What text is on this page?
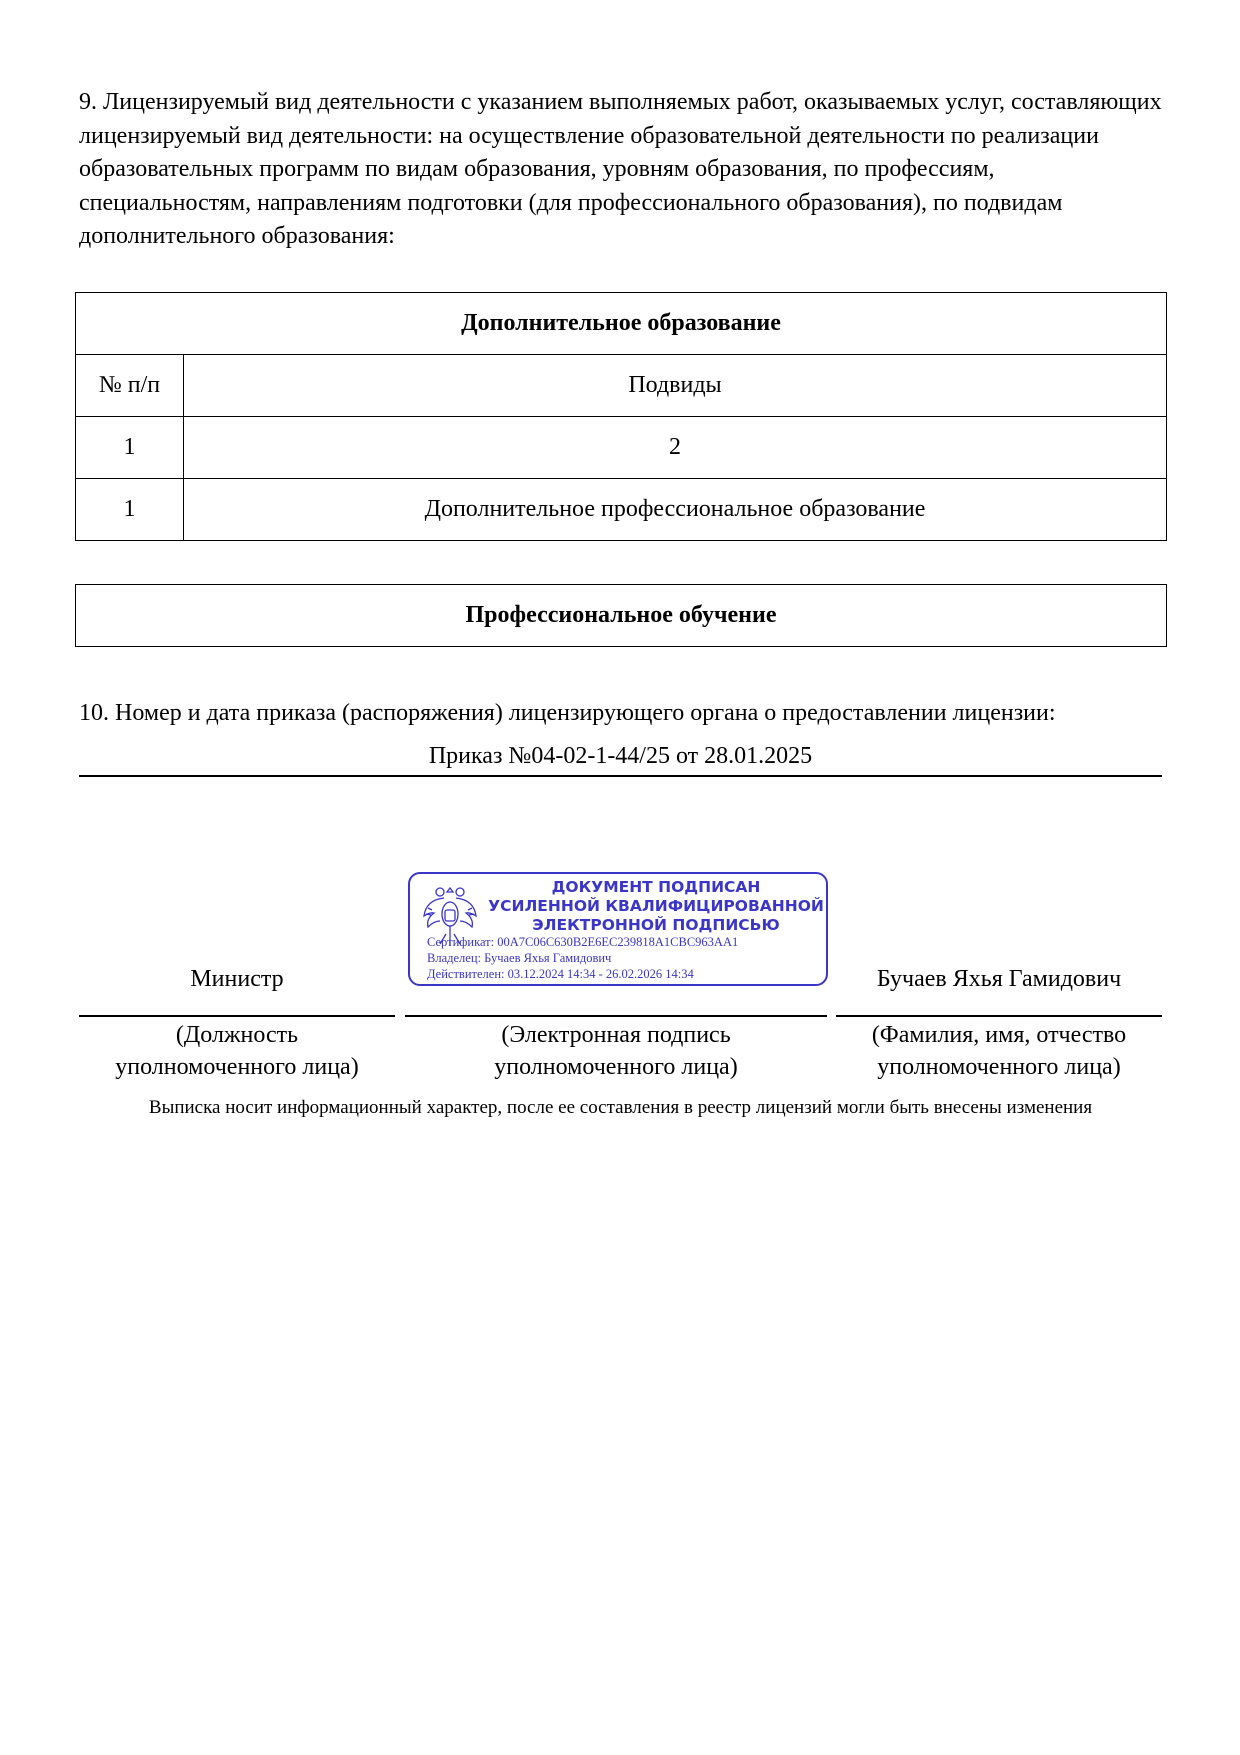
9. Лицензируемый вид деятельности с указанием выполняемых работ, оказываемых услуг, составляющих лицензируемый вид деятельности: на осуществление образовательной деятельности по реализации образовательных программ по видам образования, уровням образования, по профессиям, специальностям, направлениям подготовки (для профессионального образования), по подвидам дополнительного образования:
Дополнительное образование	
№ п/п	Подвиды
1	2
1	Дополнительное профессиональное образование
Профессиональное обучение
10. Номер и дата приказа (распоряжения) лицензирующего органа о предоставлении лицензии:
Приказ №04-02-1-44/25 от 28.01.2025
ДОКУМЕНТ ПОДПИСАН
УСИЛЕННОЙ КВАЛИФИЦИРОВАННОЙ
ЭЛЕКТРОННОЙ ПОДПИСЬЮ
Сертификат: 00A7C06C630B2E6EC239818A1CBC963AA1
Владелец: Бучаев Яхья Гамидович
Действителен: 03.12.2024 14:34 - 26.02.2026 14:34
Министр	Бучаев Яхья Гамидович
(Должность
уполномоченного лица)
(Электронная подпись
уполномоченного лица)
(Фамилия, имя, отчество
уполномоченного лица)
Выписка носит информационный характер, после ее составления в реестр лицензий могли быть внесены изменения
